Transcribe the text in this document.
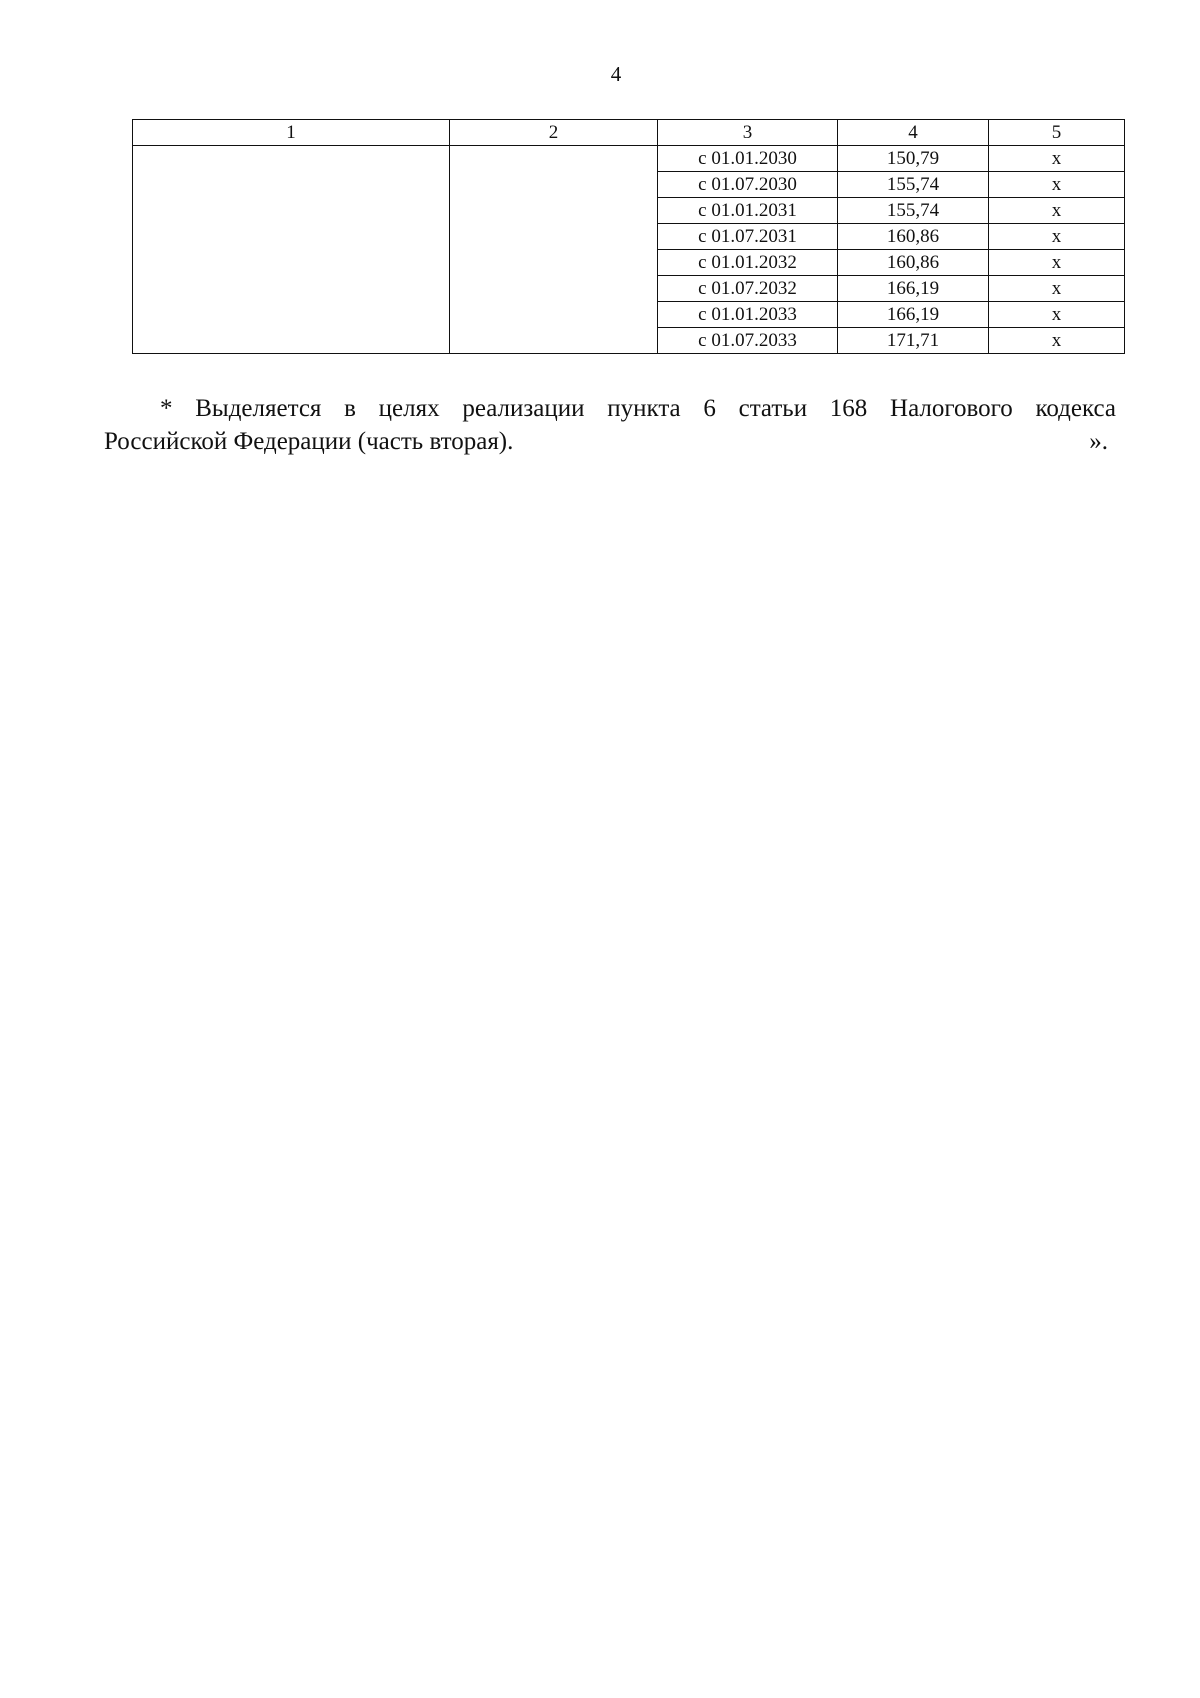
4
1	2	3	4	5
		с 01.01.2030	150,79	x
		с 01.07.2030	155,74	x
		с 01.01.2031	155,74	x
		с 01.07.2031	160,86	x
		с 01.01.2032	160,86	x
		с 01.07.2032	166,19	x
		с 01.01.2033	166,19	x
		с 01.07.2033	171,71	x
* Выделяется в целях реализации пункта 6 статьи 168 Налогового кодекса
Российской Федерации (часть вторая).	».
